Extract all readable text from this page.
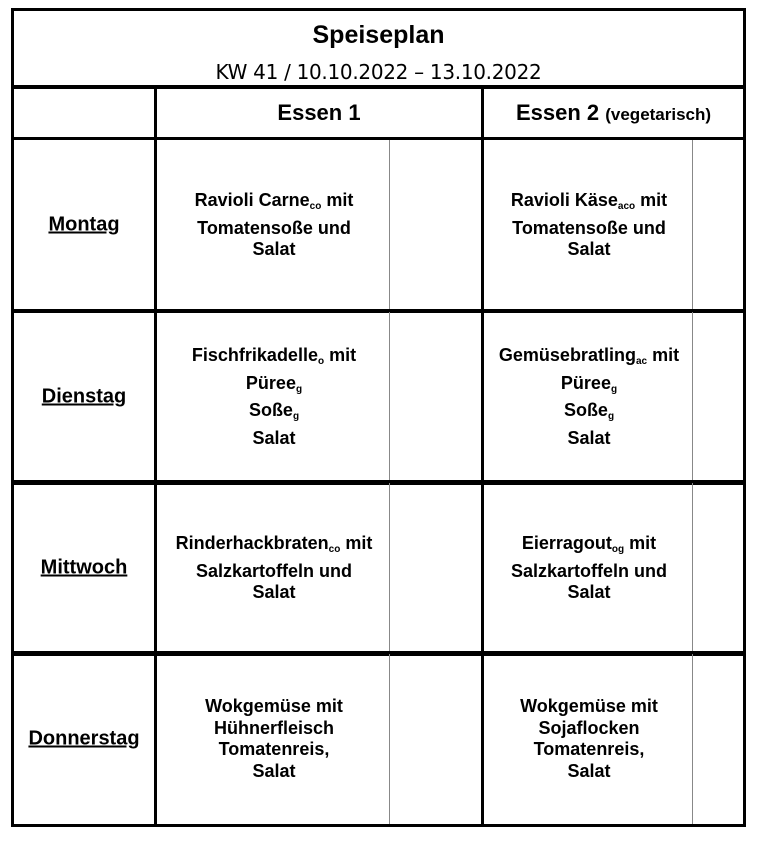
Speiseplan
KW 41 / 10.10.2022 – 13.10.2022
Essen 1	Essen 2 (vegetarisch)
Montag
Ravioli Carne$_{co}$ mit
Tomatensoße und
Salat
Ravioli Käse$_{aco}$ mit
Tomatensoße und
Salat
Dienstag
Fischfrikadelle$_o$ mit
Püree$_g$
Soße$_g$
Salat
Gemüsebratling$_{ac}$ mit
Püree$_g$
Soße$_g$
Salat
Mittwoch
Rinderhackbraten$_{co}$ mit
Salzkartoffeln und
Salat
Eierragout$_{og}$ mit
Salzkartoffeln und
Salat
Donnerstag
Wokgemüse mit
Hühnerfleisch
Tomatenreis,
Salat
Wokgemüse mit
Sojaflocken
Tomatenreis,
Salat
